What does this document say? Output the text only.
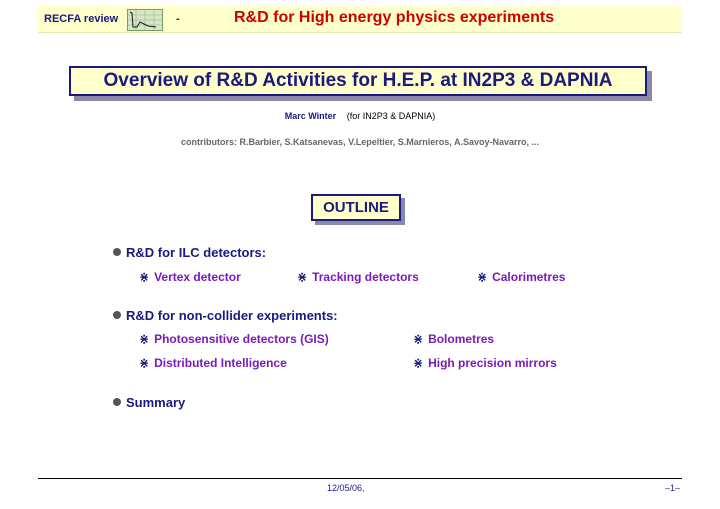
RECFA review	-	R&D for High energy physics experiments
Overview of R&D Activities for H.E.P. at IN2P3 & DAPNIA
Marc Winter (for IN2P3 & DAPNIA)
contributors: R.Barbier, S.Katsanevas, V.Lepeltier, S.Marnieros, A.Savoy-Navarro, ...
OUTLINE
R&D for ILC detectors:
⋇ Vertex detector	⋇ Tracking detectors	⋇ Calorimetres
R&D for non-collider experiments:
⋇ Photosensitive detectors (GIS)	⋇ Bolometres
⋇ Distributed Intelligence	⋇ High precision mirrors
Summary
12/05/06,	–1–
